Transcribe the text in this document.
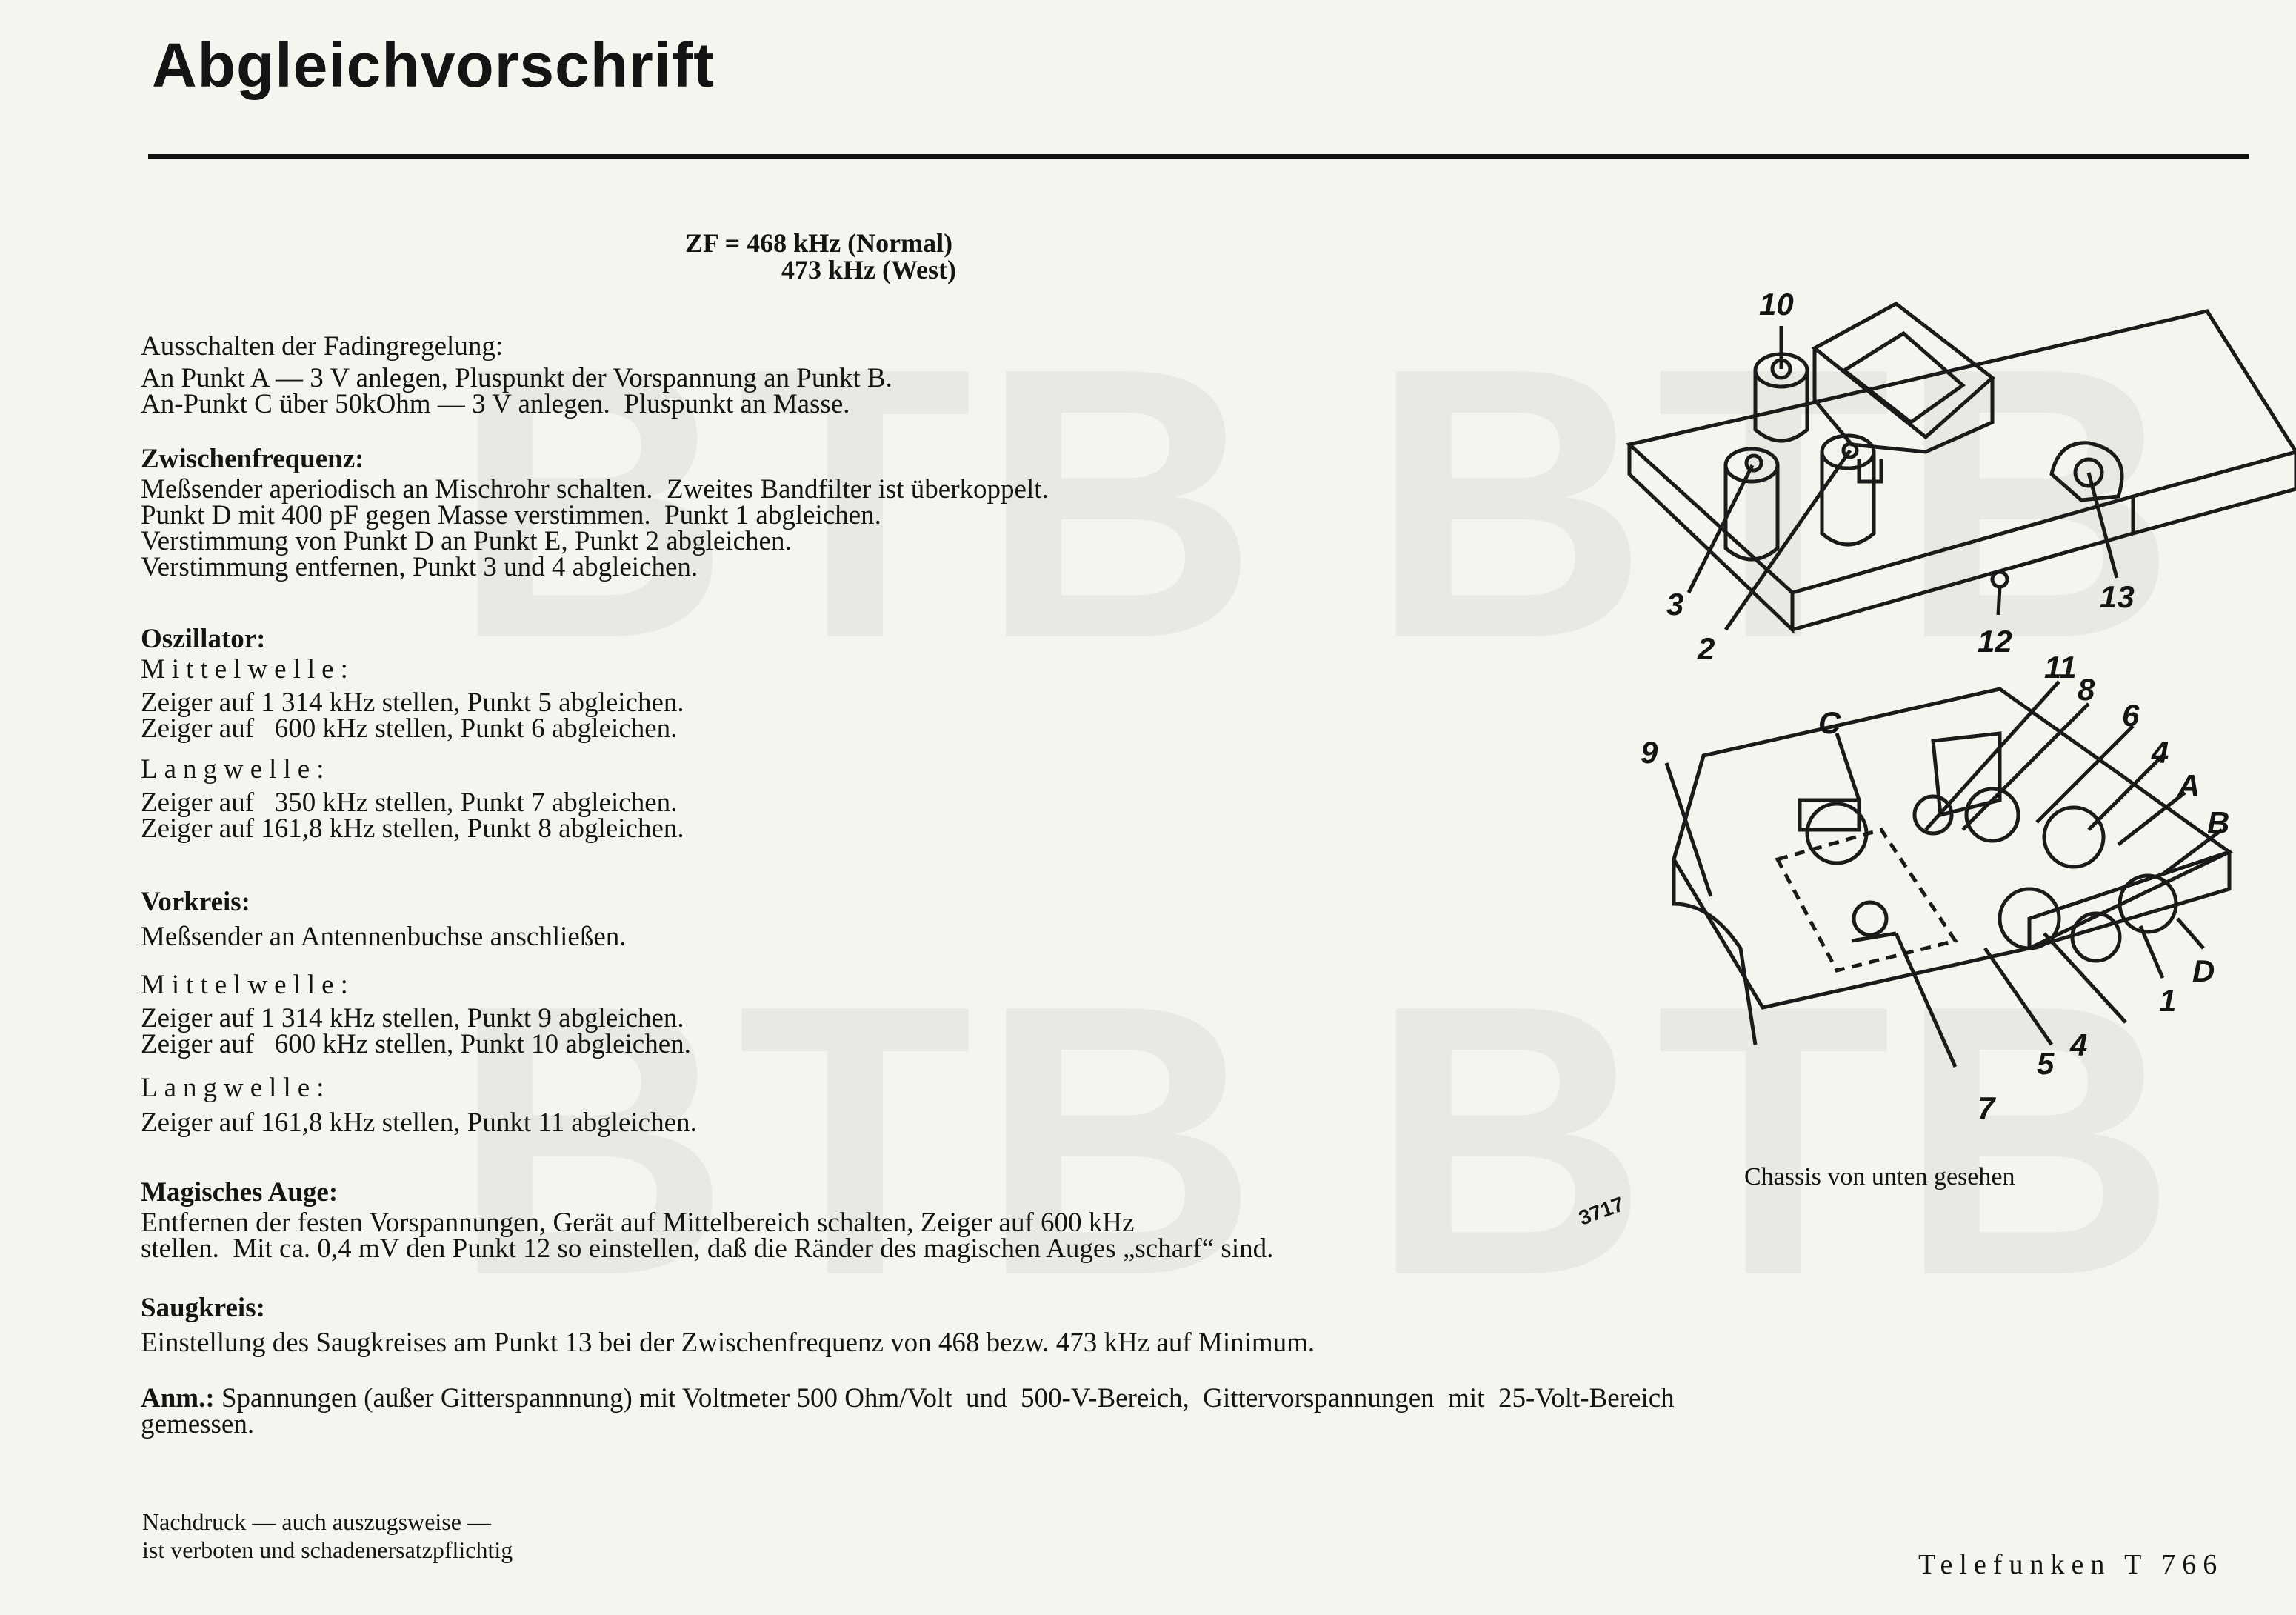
Abgleichvorschrift
ZF = 468 kHz (Normal)
473 kHz (West)

Ausschalten der Fadingregelung:

An Punkt A — 3 V anlegen, Pluspunkt der Vorspannung an Punkt B.

An-Punkt C über 50kOhm — 3 V anlegen.  Pluspunkt an Masse.

Zwischenfrequenz:

Meßsender aperiodisch an Mischrohr schalten.  Zweites Bandfilter ist überkoppelt.

Punkt D mit 400 pF gegen Masse verstimmen.  Punkt 1 abgleichen.

Verstimmung von Punkt D an Punkt E, Punkt 2 abgleichen.

Verstimmung entfernen, Punkt 3 und 4 abgleichen.

Oszillator:

Mittelwelle:

Zeiger auf 1 314 kHz stellen, Punkt 5 abgleichen.

Zeiger auf   600 kHz stellen, Punkt 6 abgleichen.

Langwelle:

Zeiger auf   350 kHz stellen, Punkt 7 abgleichen.

Zeiger auf 161,8 kHz stellen, Punkt 8 abgleichen.

Vorkreis:

Meßsender an Antennenbuchse anschließen.

Mittelwelle:

Zeiger auf 1 314 kHz stellen, Punkt 9 abgleichen.

Zeiger auf   600 kHz stellen, Punkt 10 abgleichen.

Langwelle:

Zeiger auf 161,8 kHz stellen, Punkt 11 abgleichen.

Magisches Auge:

Entfernen der festen Vorspannungen, Gerät auf Mittelbereich schalten, Zeiger auf 600 kHz

stellen.  Mit ca. 0,4 mV den Punkt 12 so einstellen, daß die Ränder des magischen Auges „scharf“ sind.

Saugkreis:

Einstellung des Saugkreises am Punkt 13 bei der Zwischenfrequenz von 468 bezw. 473 kHz auf Minimum.

Anm.: Spannungen (außer Gitterspannnung) mit Voltmeter 500 Ohm/Volt  und  500-V-Bereich,  Gittervorspannungen  mit  25-Volt-Bereich

gemessen.

10
3
2	12
13
11
8
6
4
A
B
9
C
1
D
5
4
7
3717
Chassis von unten gesehen
Nachdruck — auch auszugsweise —
ist verboten und schadenersatzpflichtig	Telefunken T 766
